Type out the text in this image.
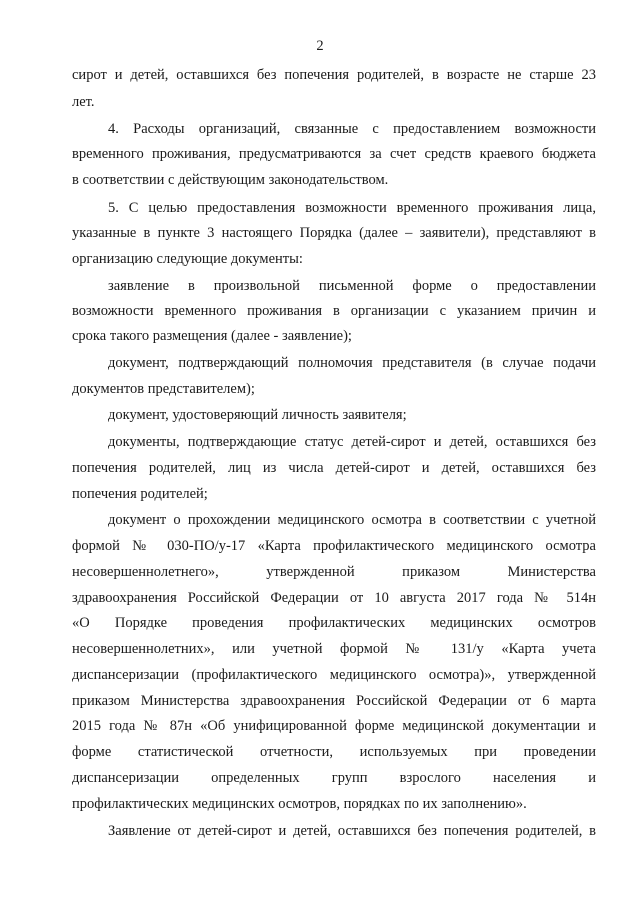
2
сирот и детей, оставшихся без попечения родителей, в возрасте не старше 23
лет.
4. Расходы организаций, связанные с предоставлением возможности
временного проживания, предусматриваются за счет средств краевого бюджета
в соответствии с действующим законодательством.
5. С целью предоставления возможности временного проживания лица,
указанные в пункте 3 настоящего Порядка (далее – заявители), представляют в
организацию следующие документы:
заявление в произвольной письменной форме о предоставлении
возможности временного проживания в организации с указанием причин и
срока такого размещения (далее - заявление);
документ, подтверждающий полномочия представителя (в случае подачи
документов представителем);
документ, удостоверяющий личность заявителя;
документы, подтверждающие статус детей-сирот и детей, оставшихся без
попечения родителей, лиц из числа детей-сирот и детей, оставшихся без
попечения родителей;
документ о прохождении медицинского осмотра в соответствии с учетной
формой № 030-ПО/у-17 «Карта профилактического медицинского осмотра
несовершеннолетнего», утвержденной приказом Министерства
здравоохранения Российской Федерации от 10 августа 2017 года № 514н
«О Порядке проведения профилактических медицинских осмотров
несовершеннолетних», или учетной формой № 131/у «Карта учета
диспансеризации (профилактического медицинского осмотра)», утвержденной
приказом Министерства здравоохранения Российской Федерации от 6 марта
2015 года № 87н «Об унифицированной форме медицинской документации и
форме статистической отчетности, используемых при проведении
диспансеризации определенных групп взрослого населения и
профилактических медицинских осмотров, порядках по их заполнению».
Заявление от детей-сирот и детей, оставшихся без попечения родителей, в
